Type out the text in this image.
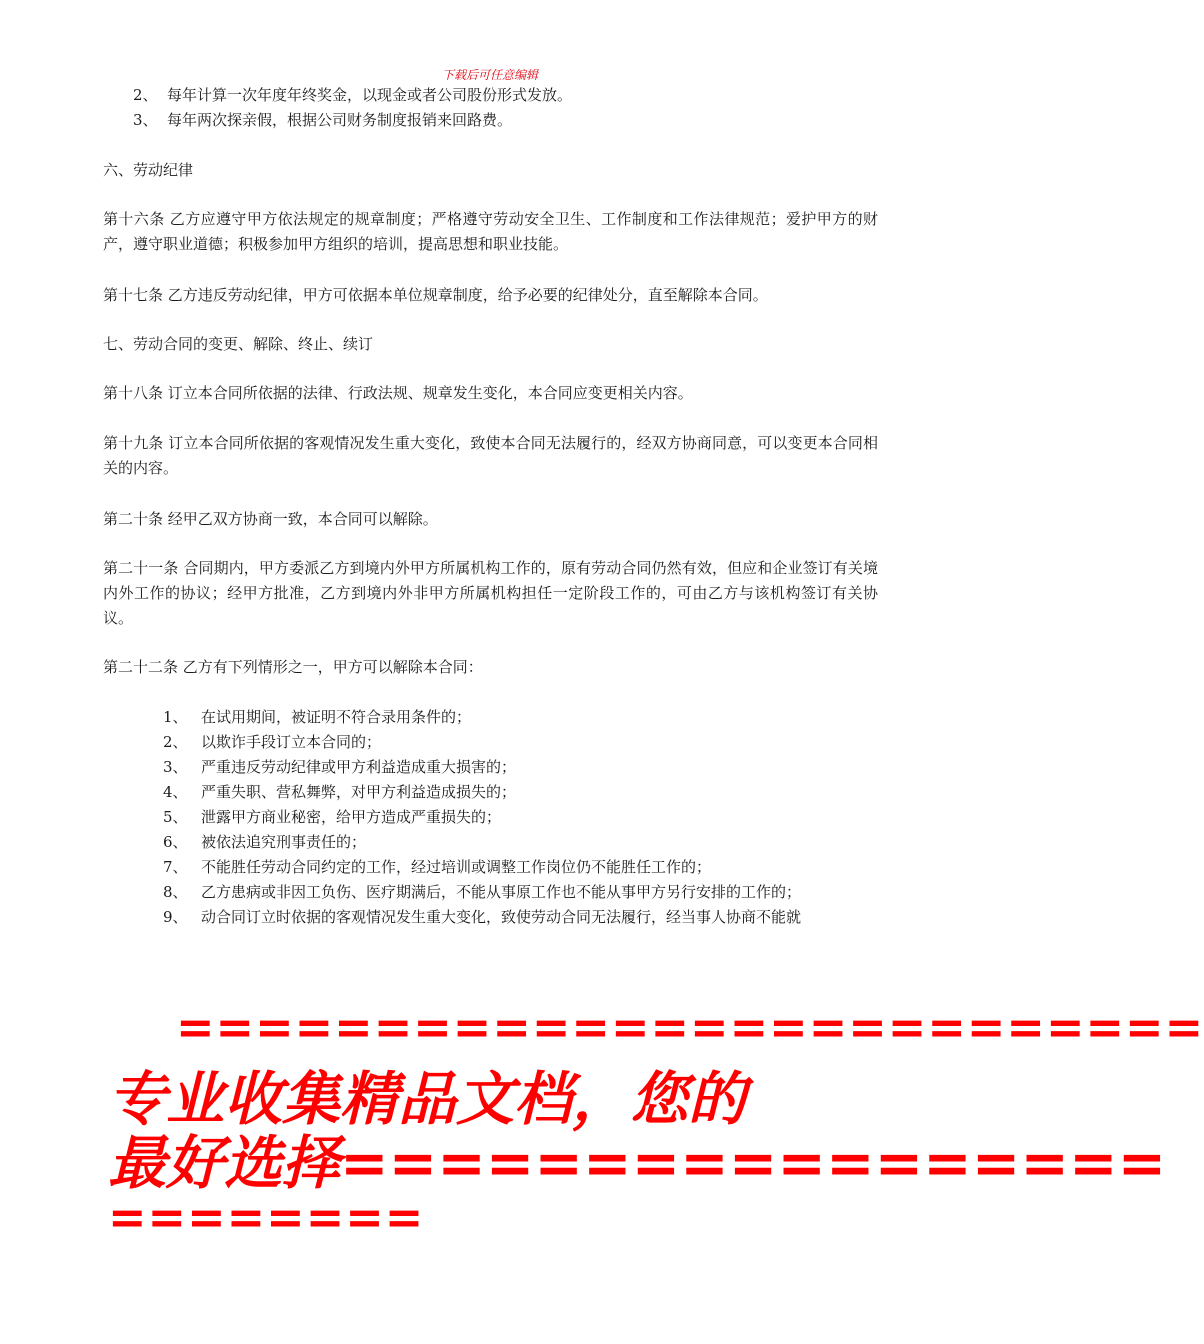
下载后可任意编辑
2、 每年计算一次年度年终奖金，以现金或者公司股份形式发放。
3、 每年两次探亲假，根据公司财务制度报销来回路费。
六、劳动纪律
第十六条 乙方应遵守甲方依法规定的规章制度；严格遵守劳动安全卫生、工作制度和工作法律规范；爱护甲方的财产，遵守职业道德；积极参加甲方组织的培训，提高思想和职业技能。
第十七条 乙方违反劳动纪律，甲方可依据本单位规章制度，给予必要的纪律处分，直至解除本合同。
七、劳动合同的变更、解除、终止、续订
第十八条 订立本合同所依据的法律、行政法规、规章发生变化，本合同应变更相关内容。
第十九条 订立本合同所依据的客观情况发生重大变化，致使本合同无法履行的，经双方协商同意，可以变更本合同相关的内容。
第二十条 经甲乙双方协商一致，本合同可以解除。
第二十一条 合同期内，甲方委派乙方到境内外甲方所属机构工作的，原有劳动合同仍然有效，但应和企业签订有关境内外工作的协议；经甲方批准，乙方到境内外非甲方所属机构担任一定阶段工作的，可由乙方与该机构签订有关协议。
第二十二条 乙方有下列情形之一，甲方可以解除本合同：
1、 在试用期间，被证明不符合录用条件的；
2、 以欺诈手段订立本合同的；
3、 严重违反劳动纪律或甲方利益造成重大损害的；
4、 严重失职、营私舞弊，对甲方利益造成损失的；
5、 泄露甲方商业秘密，给甲方造成严重损失的；
6、 被依法追究刑事责任的；
7、 不能胜任劳动合同约定的工作，经过培训或调整工作岗位仍不能胜任工作的；
8、 乙方患病或非因工负伤、医疗期满后，不能从事原工作也不能从事甲方另行安排的工作的；
9、 动合同订立时依据的客观情况发生重大变化，致使劳动合同无法履行，经当事人协商不能就
==========================
专业收集精品文档，您的
最好选择=================
========
